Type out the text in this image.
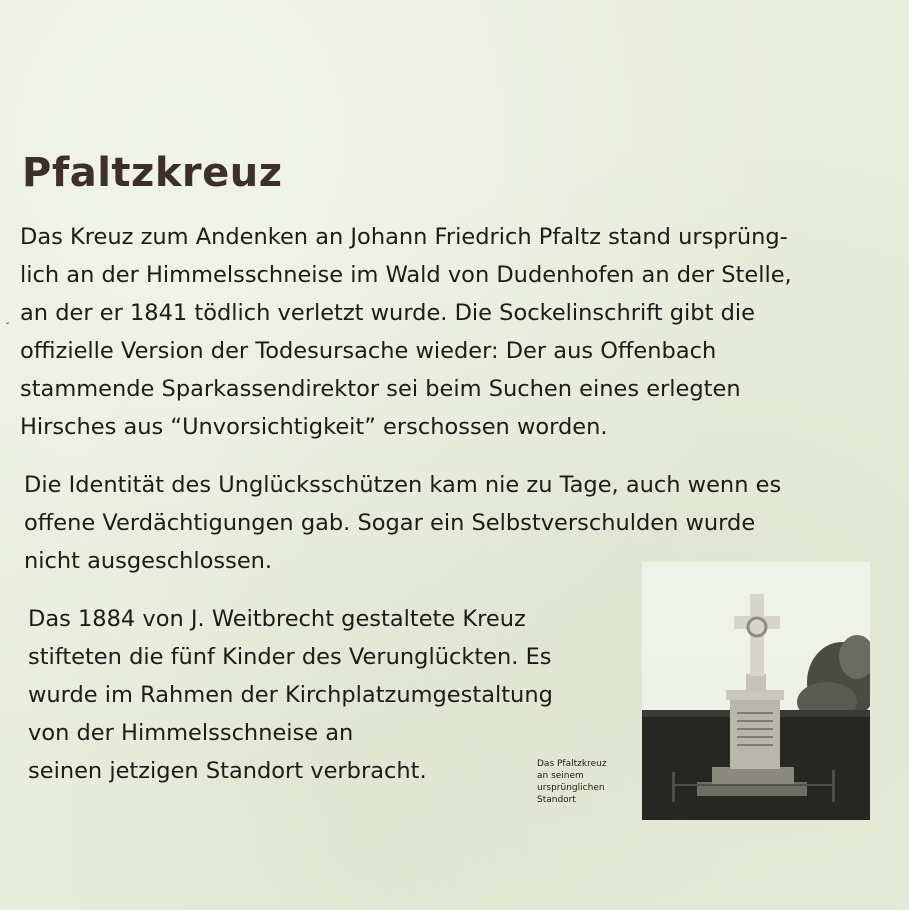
Pfaltzkreuz

Das Kreuz zum Andenken an Johann Friedrich Pfaltz stand ursprüng-
lich an der Himmelsschneise im Wald von Dudenhofen an der Stelle,
an der er 1841 tödlich verletzt wurde. Die Sockelinschrift gibt die
offizielle Version der Todesursache wieder: Der aus Offenbach
stammende Sparkassendirektor sei beim Suchen eines erlegten
Hirsches aus “Unvorsichtigkeit” erschossen worden.

Die Identität des Unglücksschützen kam nie zu Tage, auch wenn es
offene Verdächtigungen gab. Sogar ein Selbstverschulden wurde
nicht ausgeschlossen.

Das 1884 von J. Weitbrecht gestaltete Kreuz
stifteten die fünf Kinder des Verunglückten. Es
wurde im Rahmen der Kirchplatzumgestaltung
von der Himmelsschneise an
seinen jetzigen Standort verbracht.	Das Pfaltzkreuz
an seinem
ursprünglichen
Standort

ˇ
